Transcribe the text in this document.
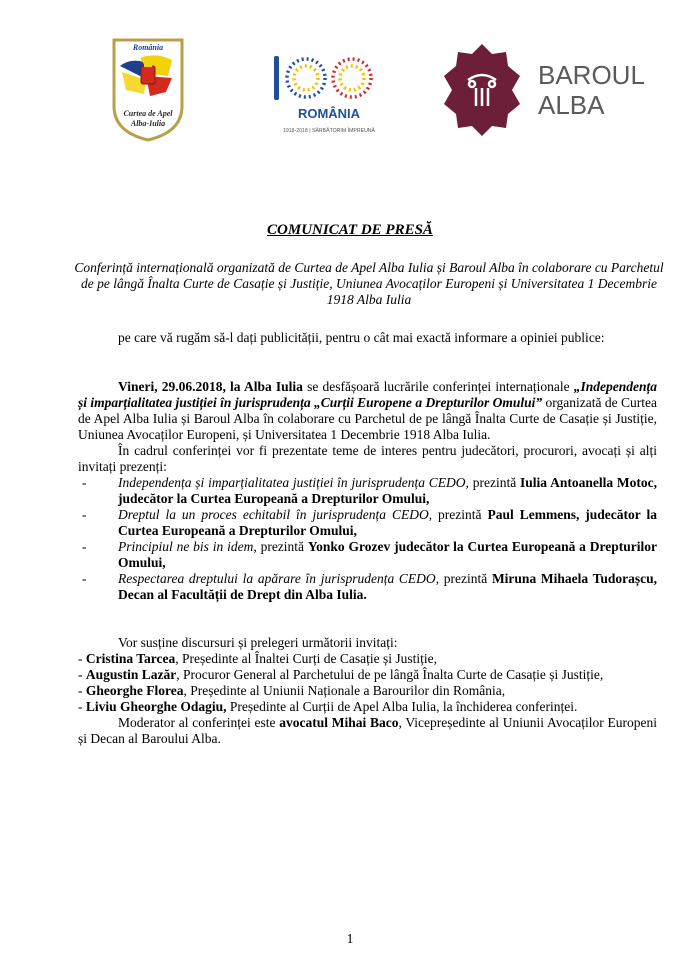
România
Curtea de Apel
Alba-Iulia
ROMÂNIA
1918-2018 | SĂRBĂTORIM ÎMPREUNĂ
BAROUL
ALBA
COMUNICAT DE PRESĂ
Conferință internațională organizată de Curtea de Apel Alba Iulia și Baroul Alba în colaborare cu Parchetul de pe lângă Înalta Curte de Casație și Justiție, Uniunea Avocaților Europeni și Universitatea 1 Decembrie 1918 Alba Iulia
pe care vă rugăm să-l dați publicității, pentru o cât mai exactă informare a opiniei publice:

Vineri, 29.06.2018, la Alba Iulia se desfășoară lucrările conferinței internaționale „Independența și imparțialitatea justiției în jurisprudența „Curții Europene a Drepturilor Omului” organizată de Curtea de Apel Alba Iulia și Baroul Alba în colaborare cu Parchetul de pe lângă Înalta Curte de Casație și Justiție, Uniunea Avocaților Europeni, și Universitatea 1 Decembrie 1918 Alba Iulia.

În cadrul conferinței vor fi prezentate teme de interes pentru judecători, procurori, avocați și alți invitați prezenți:

- Independența și imparțialitatea justiției în jurisprudența CEDO, prezintă Iulia Antoanella Motoc, judecător la Curtea Europeană a Drepturilor Omului,
- Dreptul la un proces echitabil în jurisprudența CEDO, prezintă Paul Lemmens, judecător la Curtea Europeană a Drepturilor Omului,
- Principiul ne bis in idem, prezintă Yonko Grozev judecător la Curtea Europeană a Drepturilor Omului,
- Respectarea dreptului la apărare în jurisprudența CEDO, prezintă Miruna Mihaela Tudorașcu, Decan al Facultății de Drept din Alba Iulia.

Vor susține discursuri și prelegeri următorii invitați:

- Cristina Tarcea, Președinte al Înaltei Curți de Casație și Justiție,

- Augustin Lazăr, Procuror General al Parchetului de pe lângă Înalta Curte de Casație și Justiție,

- Gheorghe Florea, Președinte al Uniunii Naționale a Barourilor din România,

- Liviu Gheorghe Odagiu, Președinte al Curții de Apel Alba Iulia, la închiderea conferinței.

Moderator al conferinței este avocatul Mihai Baco, Vicepreședinte al Uniunii Avocaților Europeni și Decan al Baroului Alba.

1
